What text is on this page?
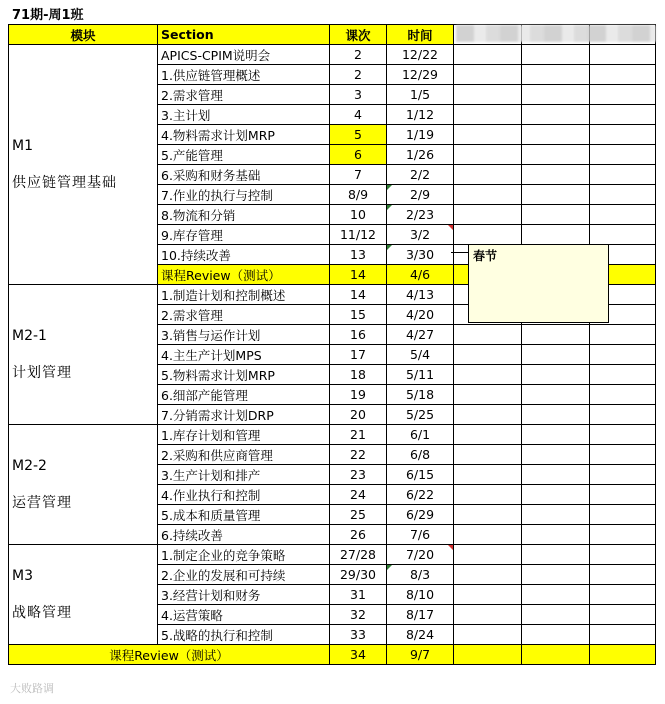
71期-周1班
模块	Section	课次	时间			

M1
供应链管理基础	APICS-CPIM说明会	2	12/22			
	1.供应链管理概述	2	12/29			
	2.需求管理	3	1/5			
	3.主计划	4	1/12			
	4.物料需求计划MRP	5	1/19			
	5.产能管理	6	1/26			
	6.采购和财务基础	7	2/2			
	7.作业的执行与控制	8/9	2/9			
	8.物流和分销	10	2/23			
	9.库存管理	11/12	3/2			
	10.持续改善	13	3/30			
	课程Review（测试）	14	4/6			

M2-1
计划管理	1.制造计划和控制概述	14	4/13			
	2.需求管理	15	4/20			
	3.销售与运作计划	16	4/27			
	4.主生产计划MPS	17	5/4			
	5.物料需求计划MRP	18	5/11			
	6.细部产能管理	19	5/18			
	7.分销需求计划DRP	20	5/25			

M2-2
运营管理	1.库存计划和管理	21	6/1			
	2.采购和供应商管理	22	6/8			
	3.生产计划和排产	23	6/15			
	4.作业执行和控制	24	6/22			
	5.成本和质量管理	25	6/29			
	6.持续改善	26	7/6			

M3
战略管理	1.制定企业的竞争策略	27/28	7/20			
	2.企业的发展和可持续	29/30	8/3			
	3.经营计划和财务	31	8/10			
	4.运营策略	32	8/17			
	5.战略的执行和控制	33	8/24			
课程Review（测试）		34	9/7			
春节
大败路调
